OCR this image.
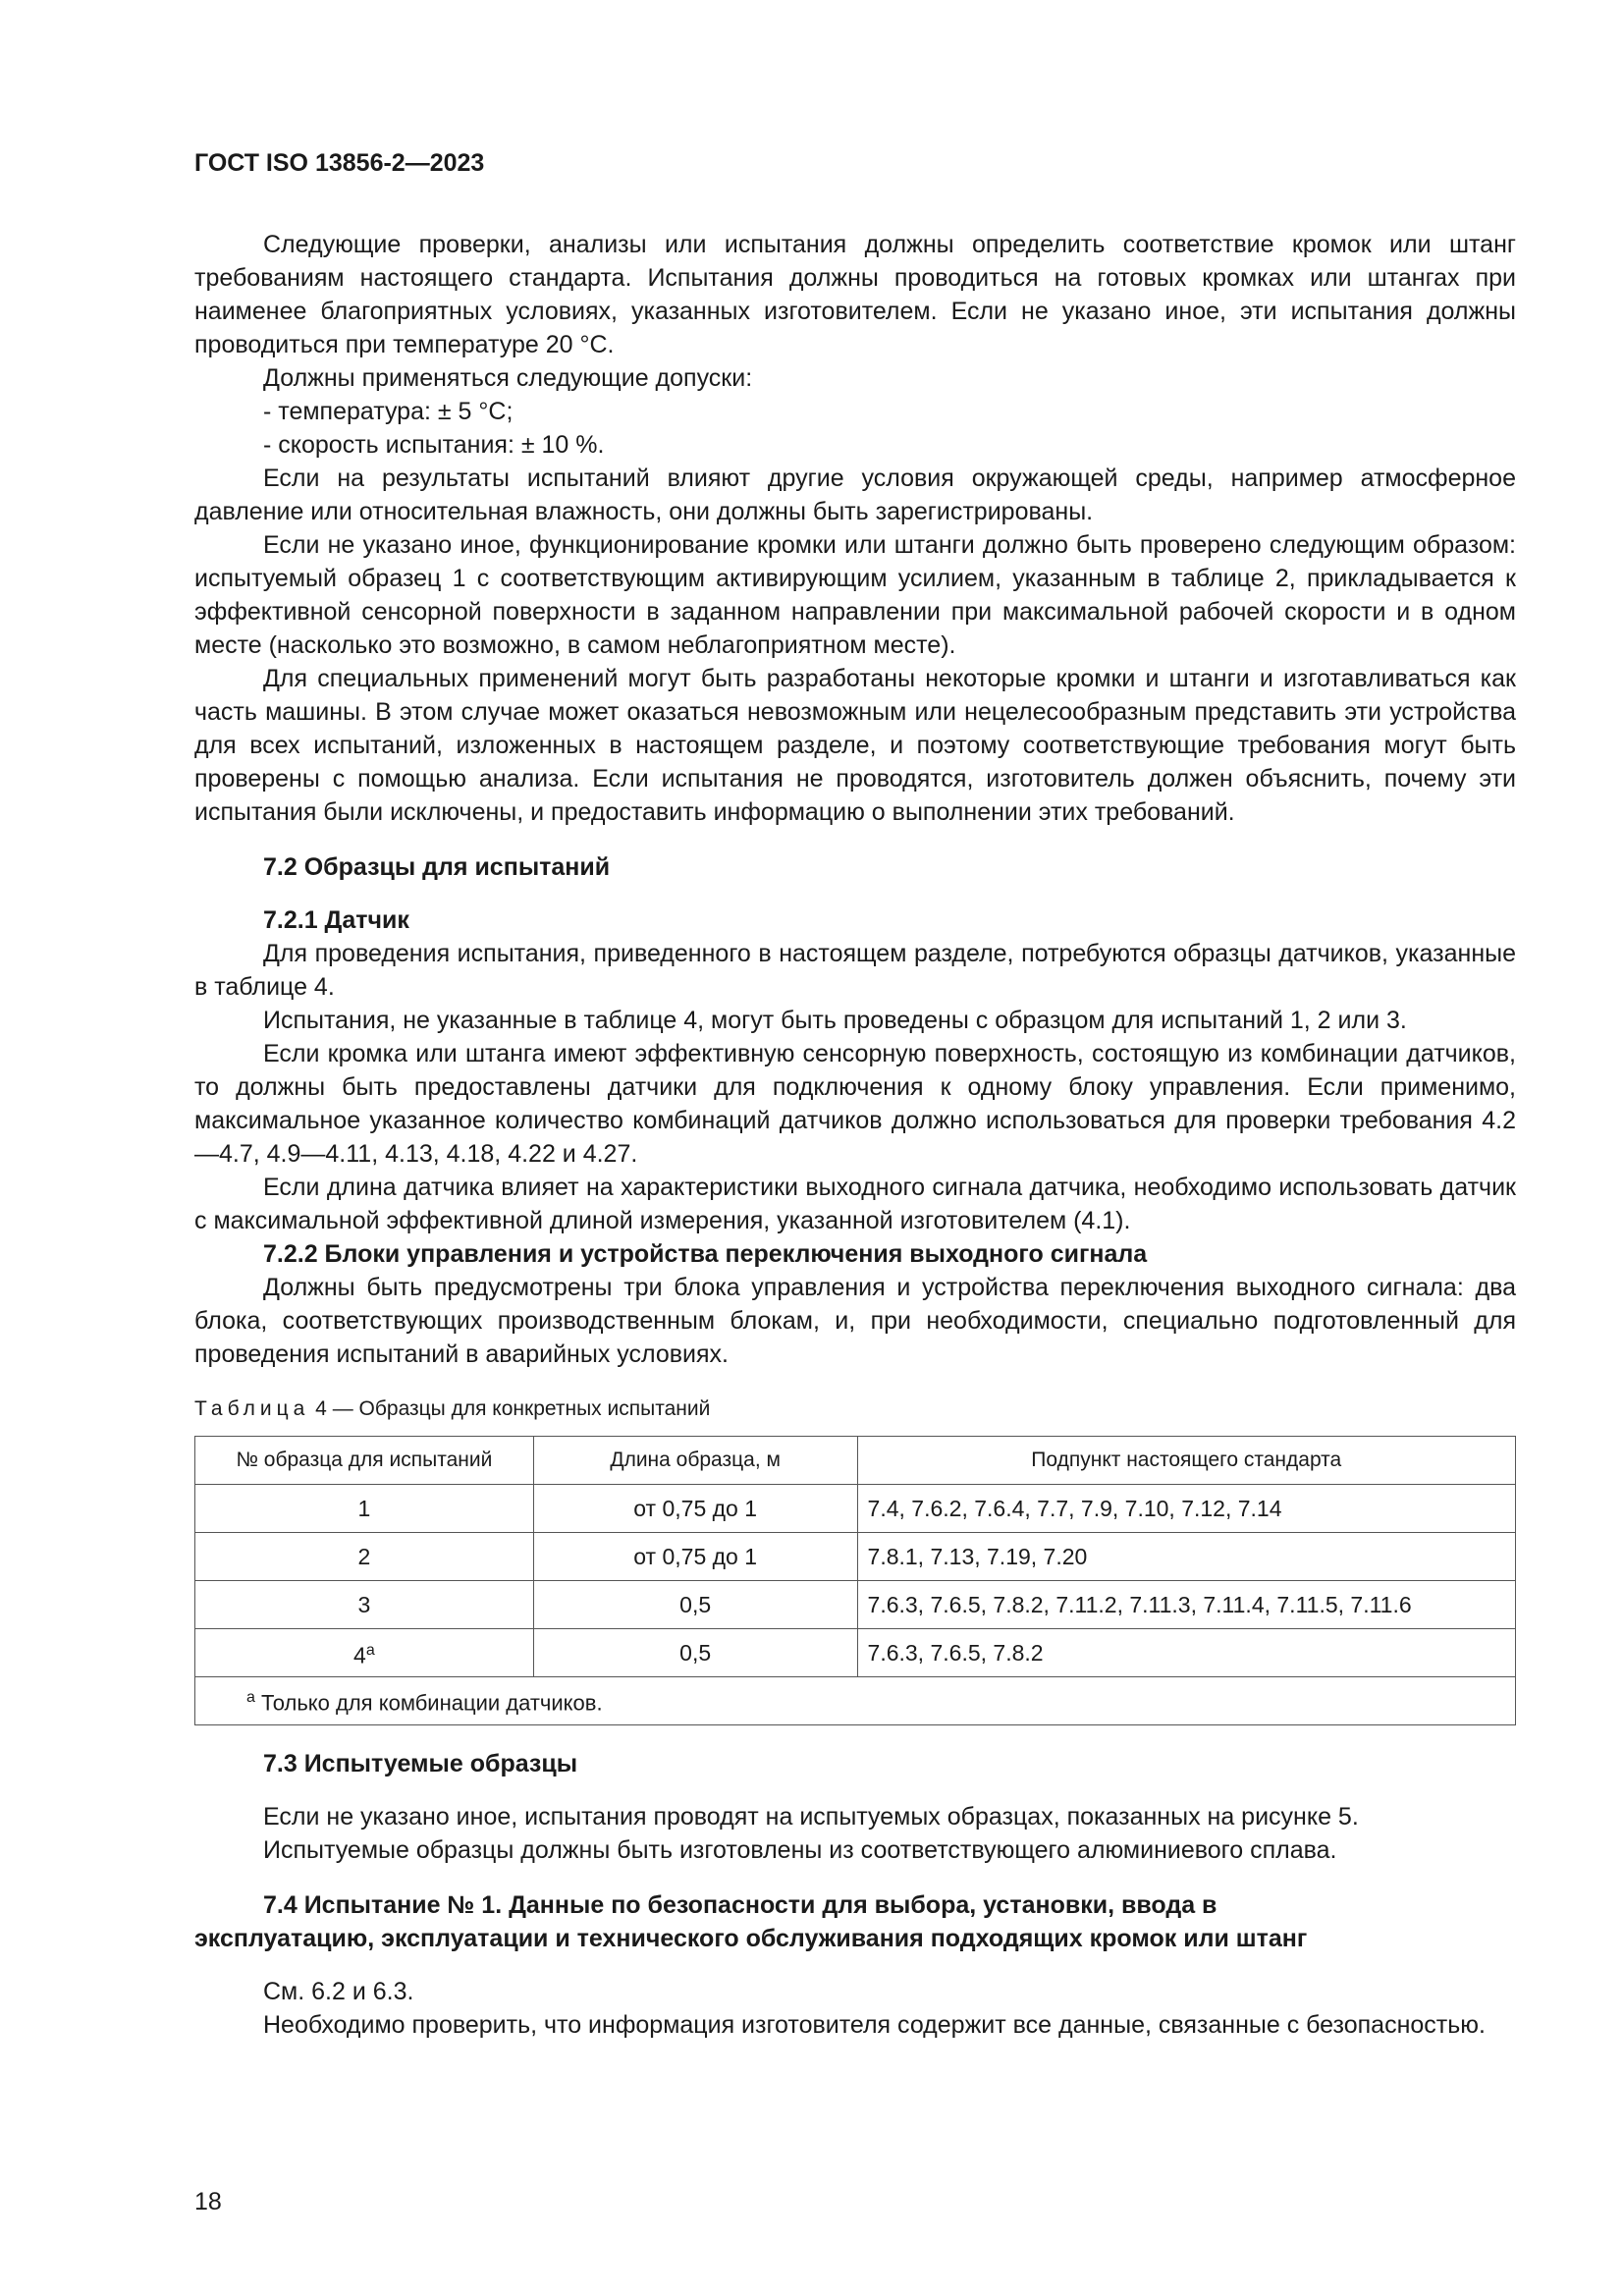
ГОСТ ISO 13856-2—2023

Следующие проверки, анализы или испытания должны определить соответствие кромок или штанг требованиям настоящего стандарта. Испытания должны проводиться на готовых кромках или штангах при наименее благоприятных условиях, указанных изготовителем. Если не указано иное, эти испытания должны проводиться при температуре 20 °C.

Должны применяться следующие допуски:

- температура: ± 5 °C;

- скорость испытания: ± 10 %.

Если на результаты испытаний влияют другие условия окружающей среды, например атмосферное давление или относительная влажность, они должны быть зарегистрированы.

Если не указано иное, функционирование кромки или штанги должно быть проверено следующим образом: испытуемый образец 1 с соответствующим активирующим усилием, указанным в таблице 2, прикладывается к эффективной сенсорной поверхности в заданном направлении при максимальной рабочей скорости и в одном месте (насколько это возможно, в самом неблагоприятном месте).

Для специальных применений могут быть разработаны некоторые кромки и штанги и изготавливаться как часть машины. В этом случае может оказаться невозможным или нецелесообразным представить эти устройства для всех испытаний, изложенных в настоящем разделе, и поэтому соответствующие требования могут быть проверены с помощью анализа. Если испытания не проводятся, изготовитель должен объяснить, почему эти испытания были исключены, и предоставить информацию о выполнении этих требований.

7.2 Образцы для испытаний

7.2.1 Датчик

Для проведения испытания, приведенного в настоящем разделе, потребуются образцы датчиков, указанные в таблице 4.

Испытания, не указанные в таблице 4, могут быть проведены с образцом для испытаний 1, 2 или 3.

Если кромка или штанга имеют эффективную сенсорную поверхность, состоящую из комбинации датчиков, то должны быть предоставлены датчики для подключения к одному блоку управления. Если применимо, максимальное указанное количество комбинаций датчиков должно использоваться для проверки требования 4.2—4.7, 4.9—4.11, 4.13, 4.18, 4.22 и 4.27.

Если длина датчика влияет на характеристики выходного сигнала датчика, необходимо использовать датчик с максимальной эффективной длиной измерения, указанной изготовителем (4.1).

7.2.2 Блоки управления и устройства переключения выходного сигнала

Должны быть предусмотрены три блока управления и устройства переключения выходного сигнала: два блока, соответствующих производственным блокам, и, при необходимости, специально подготовленный для проведения испытаний в аварийных условиях.

Таблица 4 — Образцы для конкретных испытаний

№ образца для испытаний	Длина образца, м	Подпункт настоящего стандарта
1	от 0,75 до 1	7.4, 7.6.2, 7.6.4, 7.7, 7.9, 7.10, 7.12, 7.14
2	от 0,75 до 1	7.8.1, 7.13, 7.19, 7.20
3	0,5	7.6.3, 7.6.5, 7.8.2, 7.11.2, 7.11.3, 7.11.4, 7.11.5, 7.11.6
$4^а$	0,5	7.6.3, 7.6.5, 7.8.2
$^а$ Только для комбинации датчиков.		

7.3 Испытуемые образцы

Если не указано иное, испытания проводят на испытуемых образцах, показанных на рисунке 5.

Испытуемые образцы должны быть изготовлены из соответствующего алюминиевого сплава.

7.4 Испытание № 1. Данные по безопасности для выбора, установки, ввода в
эксплуатацию, эксплуатации и технического обслуживания подходящих кромок или штанг

См. 6.2 и 6.3.

Необходимо проверить, что информация изготовителя содержит все данные, связанные с безопасностью.

18
